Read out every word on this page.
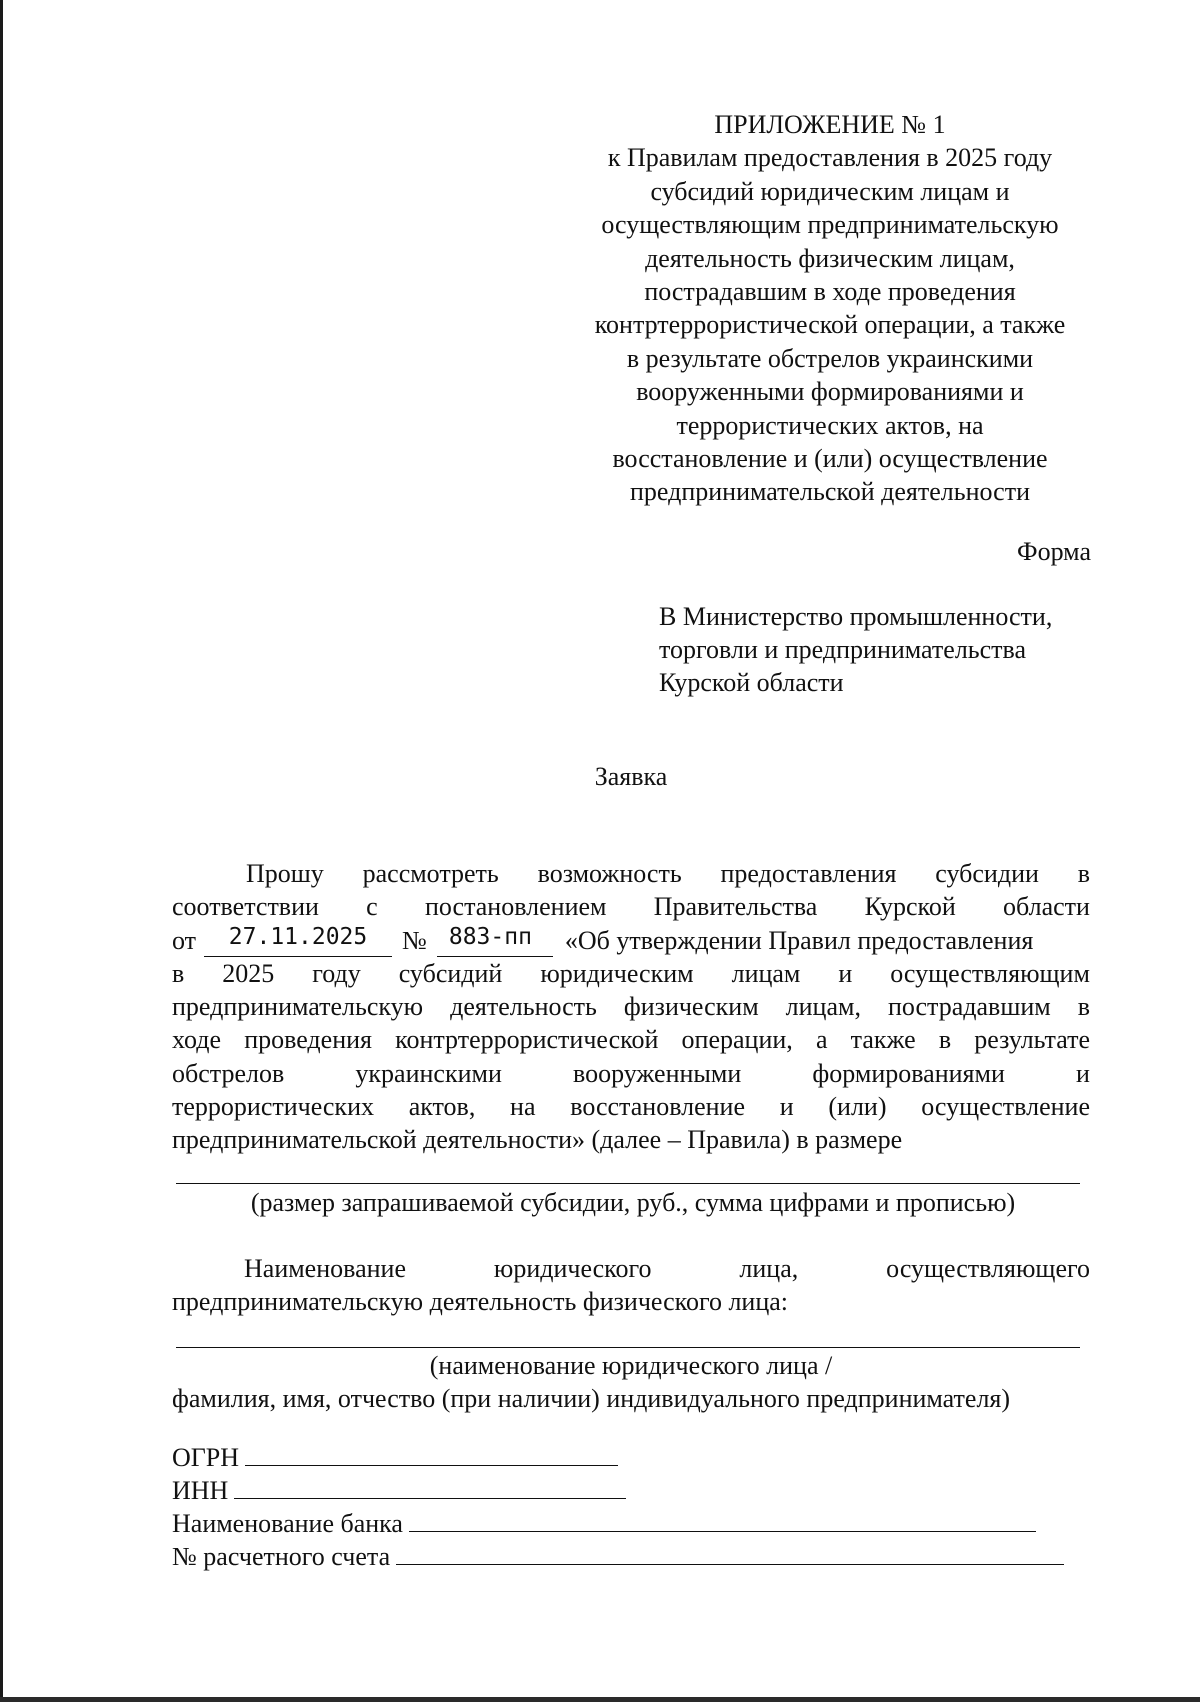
ПРИЛОЖЕНИЕ № 1
к Правилам предоставления в 2025 году
субсидий юридическим лицам и
осуществляющим предпринимательскую
деятельность физическим лицам,
пострадавшим в ходе проведения
контртеррористической операции, а также
в результате обстрелов украинскими
вооруженными формированиями и
террористических актов, на
восстановление и (или) осуществление
предпринимательской деятельности
Форма
В Министерство промышленности,
торговли и предпринимательства
Курской области
Заявка
Прошу рассмотреть возможность предоставления субсидии в
соответствии с постановлением Правительства Курской области
от	27.11.2025	№ 883-пп	«Об утверждении Правил предоставления
в 2025 году субсидий юридическим лицам и осуществляющим
предпринимательскую деятельность физическим лицам, пострадавшим в
ходе проведения контртеррористической операции, а также в результате
обстрелов	украинскими	вооруженными	формированиями	и
террористических актов, на восстановление и (или) осуществление
предпринимательской деятельности» (далее – Правила) в размере
(размер запрашиваемой субсидии, руб., сумма цифрами и прописью)
Наименование	юридического	лица,	осуществляющего
предпринимательскую деятельность физического лица:
(наименование юридического лица /
фамилия, имя, отчество (при наличии) индивидуального предпринимателя)
ОГРН
ИНН
Наименование банка
№ расчетного счета
